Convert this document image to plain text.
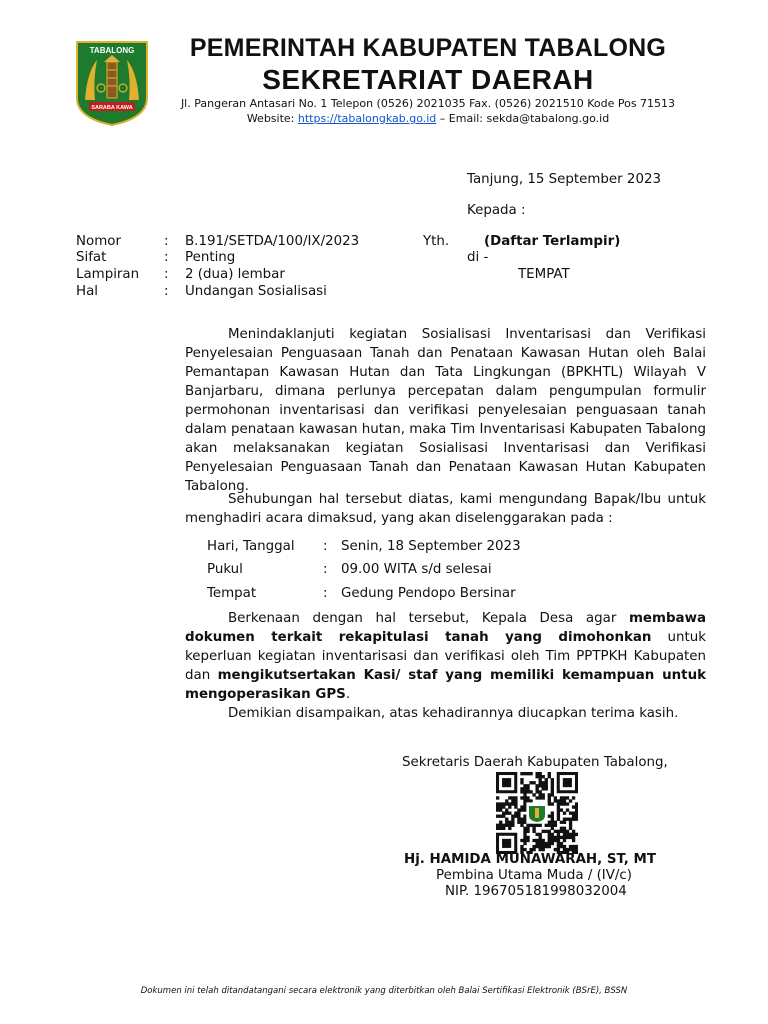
TABALONG
SARABA KAWA
PEMERINTAH KABUPATEN TABALONG
SEKRETARIAT DAERAH
Jl. Pangeran Antasari No. 1 Telepon (0526) 2021035 Fax. (0526) 2021510 Kode Pos 71513
Website: https://tabalongkab.go.id – Email: sekda@tabalong.go.id
Tanjung, 15 September 2023
Kepada :
Nomor	: B.191/SETDA/100/IX/2023
Sifat	: Penting
Lampiran : 2 (dua) lembar
Hal	: Undangan Sosialisasi
Yth.	(Daftar Terlampir)
di -
TEMPAT
Menindaklanjuti kegiatan Sosialisasi Inventarisasi dan Verifikasi
Penyelesaian Penguasaan Tanah dan Penataan Kawasan Hutan oleh Balai
Pemantapan Kawasan Hutan dan Tata Lingkungan (BPKHTL) Wilayah V
Banjarbaru, dimana perlunya percepatan dalam pengumpulan formulir
permohonan inventarisasi dan verifikasi penyelesaian penguasaan tanah
dalam penataan kawasan hutan, maka Tim Inventarisasi Kabupaten Tabalong
akan melaksanakan kegiatan Sosialisasi Inventarisasi dan Verifikasi
Penyelesaian Penguasaan Tanah dan Penataan Kawasan Hutan Kabupaten
Tabalong.
Sehubungan hal tersebut diatas, kami mengundang Bapak/Ibu untuk
menghadiri acara dimaksud, yang akan diselenggarakan pada :
Hari, Tanggal : Senin, 18 September 2023
Pukul	: 09.00 WITA s/d selesai
Tempat	: Gedung Pendopo Bersinar
Berkenaan dengan hal tersebut, Kepala Desa agar membawa
dokumen terkait rekapitulasi tanah yang dimohonkan untuk
keperluan kegiatan inventarisasi dan verifikasi oleh Tim PPTPKH Kabupaten
dan mengikutsertakan Kasi/ staf yang memiliki kemampuan untuk
mengoperasikan GPS.
Demikian disampaikan, atas kehadirannya diucapkan terima kasih.
Sekretaris Daerah Kabupaten Tabalong,
Hj. HAMIDA MUNAWARAH, ST, MT
Pembina Utama Muda / (IV/c)
NIP. 196705181998032004
Dokumen ini telah ditandatangani secara elektronik yang diterbitkan oleh Balai Sertifikasi Elektronik (BSrE), BSSN
